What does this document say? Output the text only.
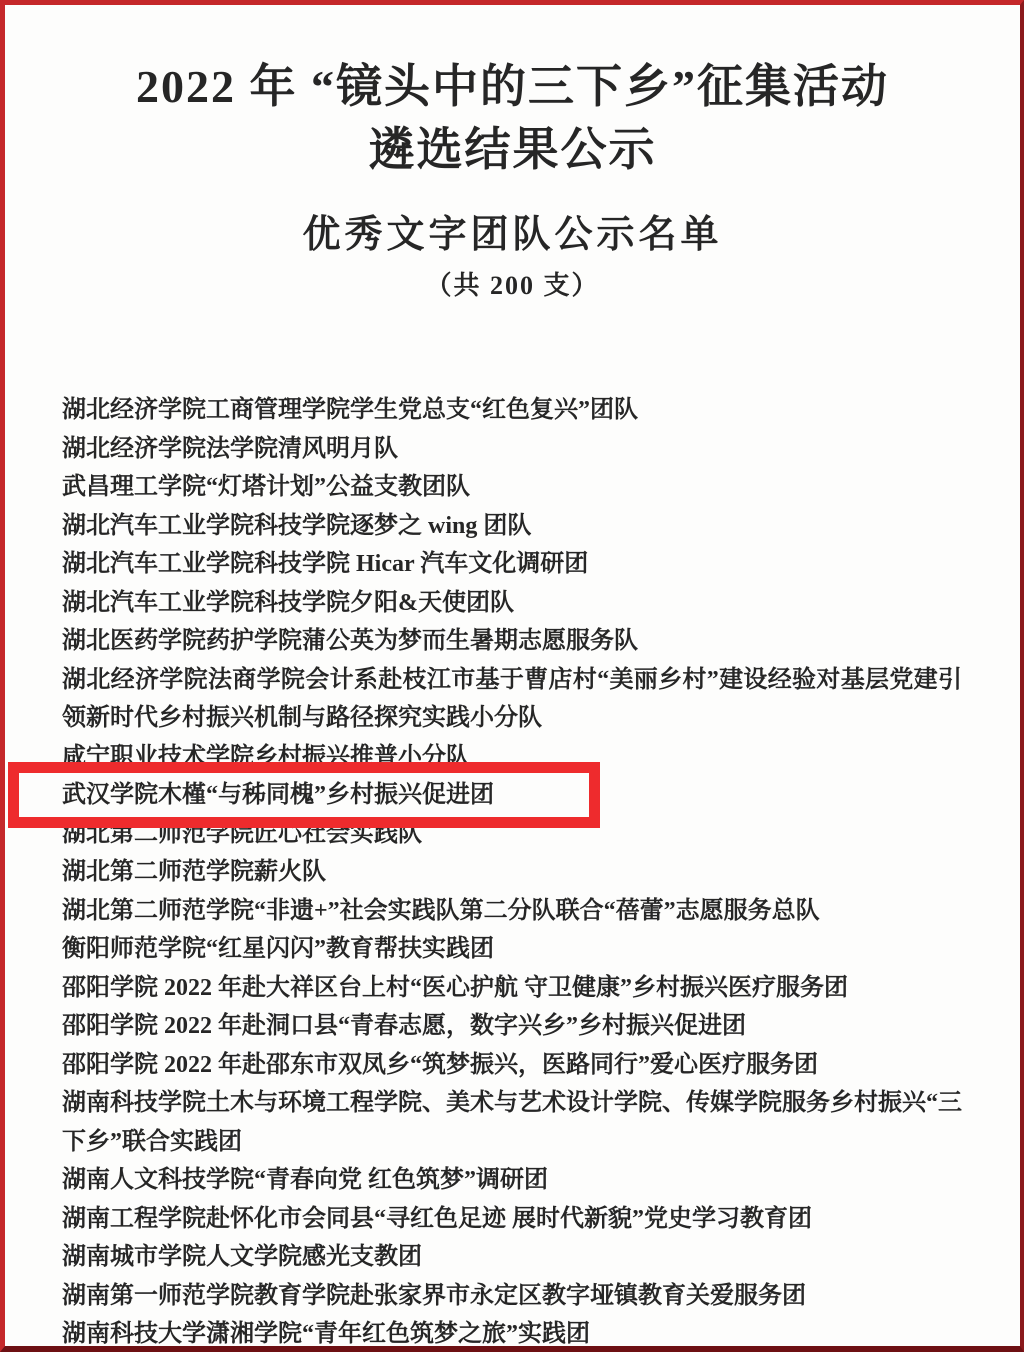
2022 年 “镜头中的三下乡”征集活动
遴选结果公示
优秀文字团队公示名单
（共 200 支）
湖北经济学院工商管理学院学生党总支“红色复兴”团队
湖北经济学院法学院清风明月队
武昌理工学院“灯塔计划”公益支教团队
湖北汽车工业学院科技学院逐梦之 wing 团队
湖北汽车工业学院科技学院 Hicar 汽车文化调研团
湖北汽车工业学院科技学院夕阳&天使团队
湖北医药学院药护学院蒲公英为梦而生暑期志愿服务队
湖北经济学院法商学院会计系赴枝江市基于曹店村“美丽乡村”建设经验对基层党建引领新时代乡村振兴机制与路径探究实践小分队
咸宁职业技术学院乡村振兴推普小分队
武汉学院木槿“与秭同槐”乡村振兴促进团
湖北第二师范学院匠心社会实践队
湖北第二师范学院薪火队
湖北第二师范学院“非遗+”社会实践队第二分队联合“蓓蕾”志愿服务总队
衡阳师范学院“红星闪闪”教育帮扶实践团
邵阳学院 2022 年赴大祥区台上村“医心护航 守卫健康”乡村振兴医疗服务团
邵阳学院 2022 年赴洞口县“青春志愿，数字兴乡”乡村振兴促进团
邵阳学院 2022 年赴邵东市双凤乡“筑梦振兴，医路同行”爱心医疗服务团
湖南科技学院土木与环境工程学院、美术与艺术设计学院、传媒学院服务乡村振兴“三下乡”联合实践团
湖南人文科技学院“青春向党 红色筑梦”调研团
湖南工程学院赴怀化市会同县“寻红色足迹 展时代新貌”党史学习教育团
湖南城市学院人文学院感光支教团
湖南第一师范学院教育学院赴张家界市永定区教字垭镇教育关爱服务团
湖南科技大学潇湘学院“青年红色筑梦之旅”实践团
